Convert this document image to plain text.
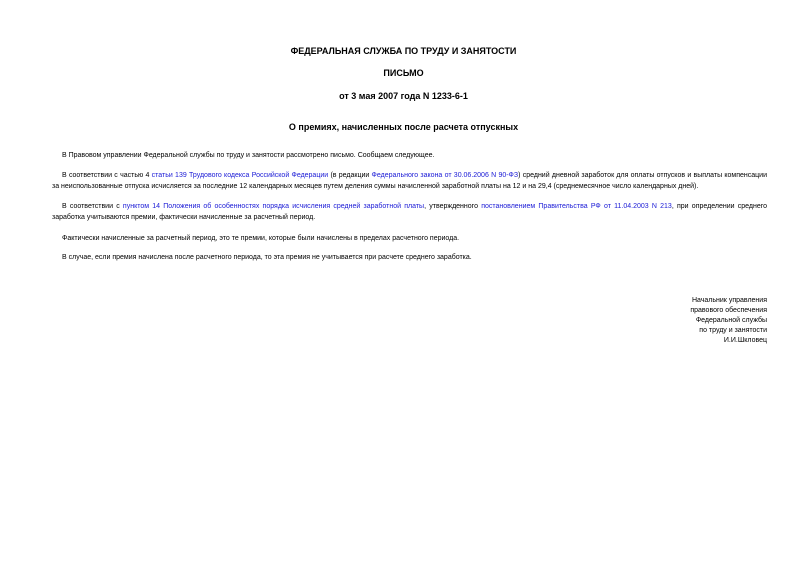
ФЕДЕРАЛЬНАЯ СЛУЖБА ПО ТРУДУ И ЗАНЯТОСТИ
ПИСЬМО
от 3 мая 2007 года N 1233-6-1
О премиях, начисленных после расчета отпускных
В Правовом управлении Федеральной службы по труду и занятости рассмотрено письмо. Сообщаем следующее.
В соответствии с частью 4 статьи 139 Трудового кодекса Российской Федерации (в редакции Федерального закона от 30.06.2006 N 90-ФЗ) средний дневной заработок для оплаты отпусков и выплаты компенсации за неиспользованные отпуска исчисляется за последние 12 календарных месяцев путем деления суммы начисленной заработной платы на 12 и на 29,4 (среднемесячное число календарных дней).
В соответствии с пунктом 14 Положения об особенностях порядка исчисления средней заработной платы, утвержденного постановлением Правительства РФ от 11.04.2003 N 213, при определении среднего заработка учитываются премии, фактически начисленные за расчетный период.
Фактически начисленные за расчетный период, это те премии, которые были начислены в пределах расчетного периода.
В случае, если премия начислена после расчетного периода, то эта премия не учитывается при расчете среднего заработка.
Начальник управления
правового обеспечения
Федеральной службы
по труду и занятости
И.И.Шкловец
